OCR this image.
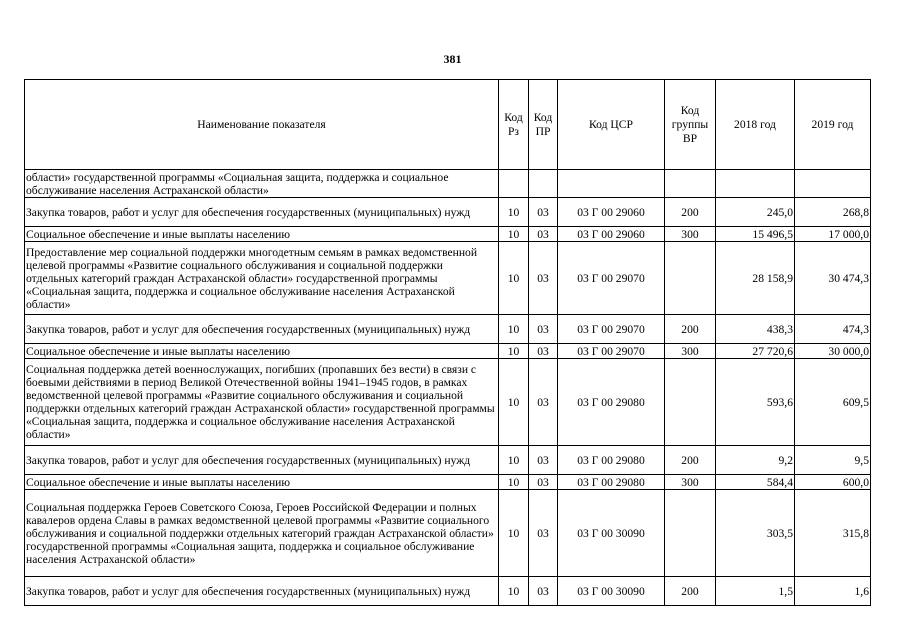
381
Наименование показателя	Код Рз	Код ПР	Код ЦСР	Код группы ВР	2018 год	2019 год
области» государственной программы «Социальная защита, поддержка и социальное обслуживание населения Астраханской области»						
Закупка товаров, работ и услуг для обеспечения государственных (муниципальных) нужд	10	03	03 Г 00 29060	200	245,0	268,8
Социальное обеспечение и иные выплаты населению	10	03	03 Г 00 29060	300	15 496,5	17 000,0
Предоставление мер социальной поддержки многодетным семьям в рамках ведомственной целевой программы «Развитие социального обслуживания и социальной поддержки отдельных категорий граждан Астраханской области» государственной программы «Социальная защита, поддержка и социальное обслуживание населения Астраханской области»	10	03	03 Г 00 29070		28 158,9	30 474,3
Закупка товаров, работ и услуг для обеспечения государственных (муниципальных) нужд	10	03	03 Г 00 29070	200	438,3	474,3
Социальное обеспечение и иные выплаты населению	10	03	03 Г 00 29070	300	27 720,6	30 000,0
Социальная поддержка детей военнослужащих, погибших (пропавших без вести) в связи с боевыми действиями в период Великой Отечественной войны 1941–1945 годов, в рамках ведомственной целевой программы «Развитие социального обслуживания и социальной поддержки отдельных категорий граждан Астраханской области» государственной программы «Социальная защита, поддержка и социальное обслуживание населения Астраханской области»	10	03	03 Г 00 29080		593,6	609,5
Закупка товаров, работ и услуг для обеспечения государственных (муниципальных) нужд	10	03	03 Г 00 29080	200	9,2	9,5
Социальное обеспечение и иные выплаты населению	10	03	03 Г 00 29080	300	584,4	600,0
Социальная поддержка Героев Советского Союза, Героев Российской Федерации и полных кавалеров ордена Славы в рамках ведомственной целевой программы «Развитие социального обслуживания и социальной поддержки отдельных категорий граждан Астраханской области» государственной программы «Социальная защита, поддержка и социальное обслуживание населения Астраханской области»	10	03	03 Г 00 30090		303,5	315,8
Закупка товаров, работ и услуг для обеспечения государственных (муниципальных) нужд	10	03	03 Г 00 30090	200	1,5	1,6
